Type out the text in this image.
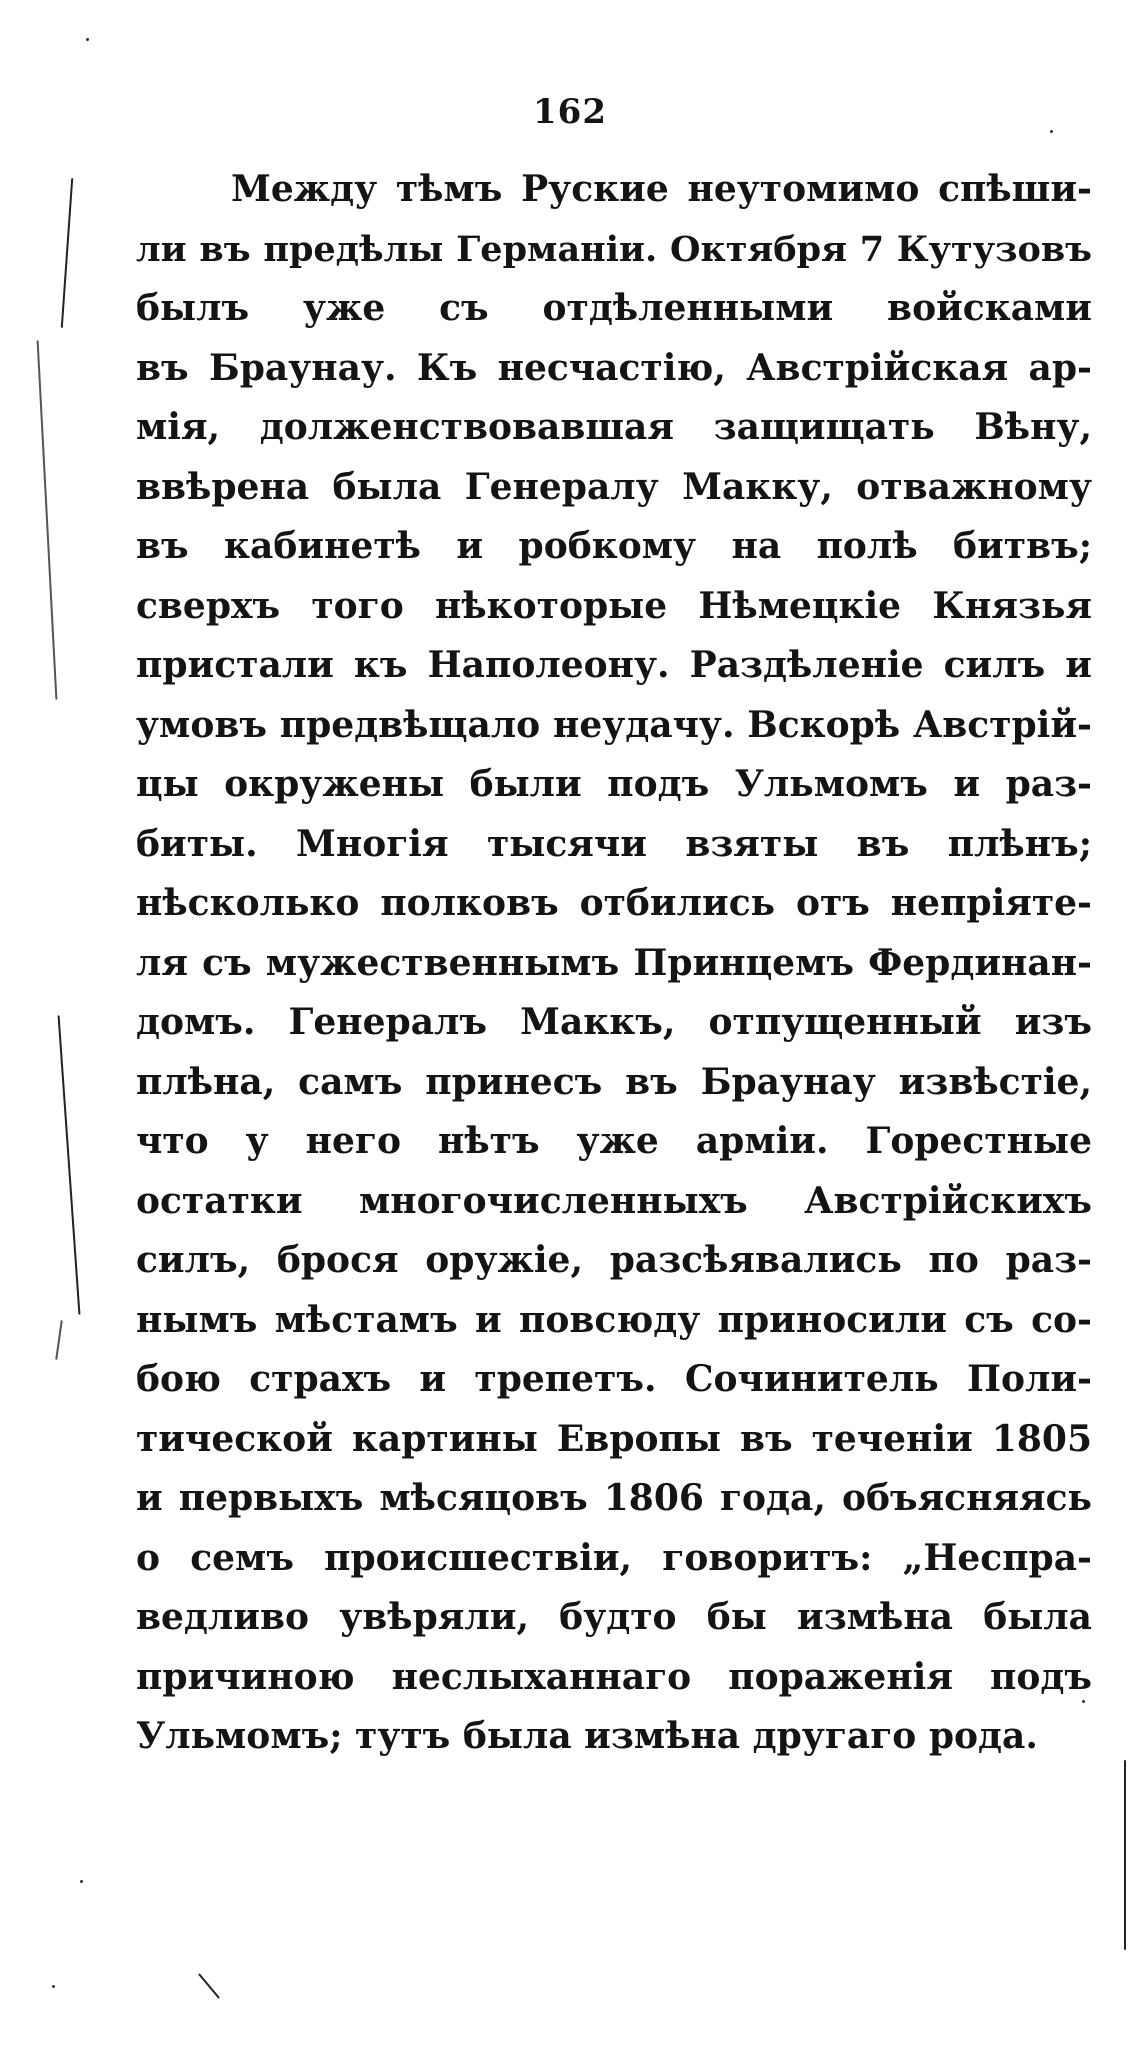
162
Между тѣмъ Руские неутомимо спѣши-
ли въ предѣлы Германіи. Октября 7 Кутузовъ
былъ уже съ отдѣленными войсками
въ Браунау. Къ несчастію, Австрійская ар-
мія, долженствовавшая защищать Вѣну,
ввѣрена была Генералу Макку, отважному
въ кабинетѣ и робкому на полѣ битвъ;
сверхъ того нѣкоторые Нѣмецкіе Князья
пристали къ Наполеону. Раздѣленіе силъ и
умовъ предвѣщало неудачу. Вскорѣ Австрій-
цы окружены были подъ Ульмомъ и раз-
биты. Многія тысячи взяты въ плѣнъ;
нѣсколько полковъ отбились отъ непріяте-
ля съ мужественнымъ Принцемъ Фердинан-
домъ. Генералъ Маккъ, отпущенный изъ
плѣна, самъ принесъ въ Браунау извѣстіе,
что у него нѣтъ уже арміи. Горестные
остатки многочисленныхъ Австрійскихъ
силъ, брося оружіе, разсѣявались по раз-
нымъ мѣстамъ и повсюду приносили съ со-
бою страхъ и трепетъ. Сочинитель Поли-
тической картины Европы въ теченіи 1805
и первыхъ мѣсяцовъ 1806 года, объясняясь
о семъ происшествіи, говоритъ: „Неспра-
ведливо увѣряли, будто бы измѣна была
причиною неслыханнаго пораженія подъ
Ульмомъ; тутъ была измѣна другаго рода.
